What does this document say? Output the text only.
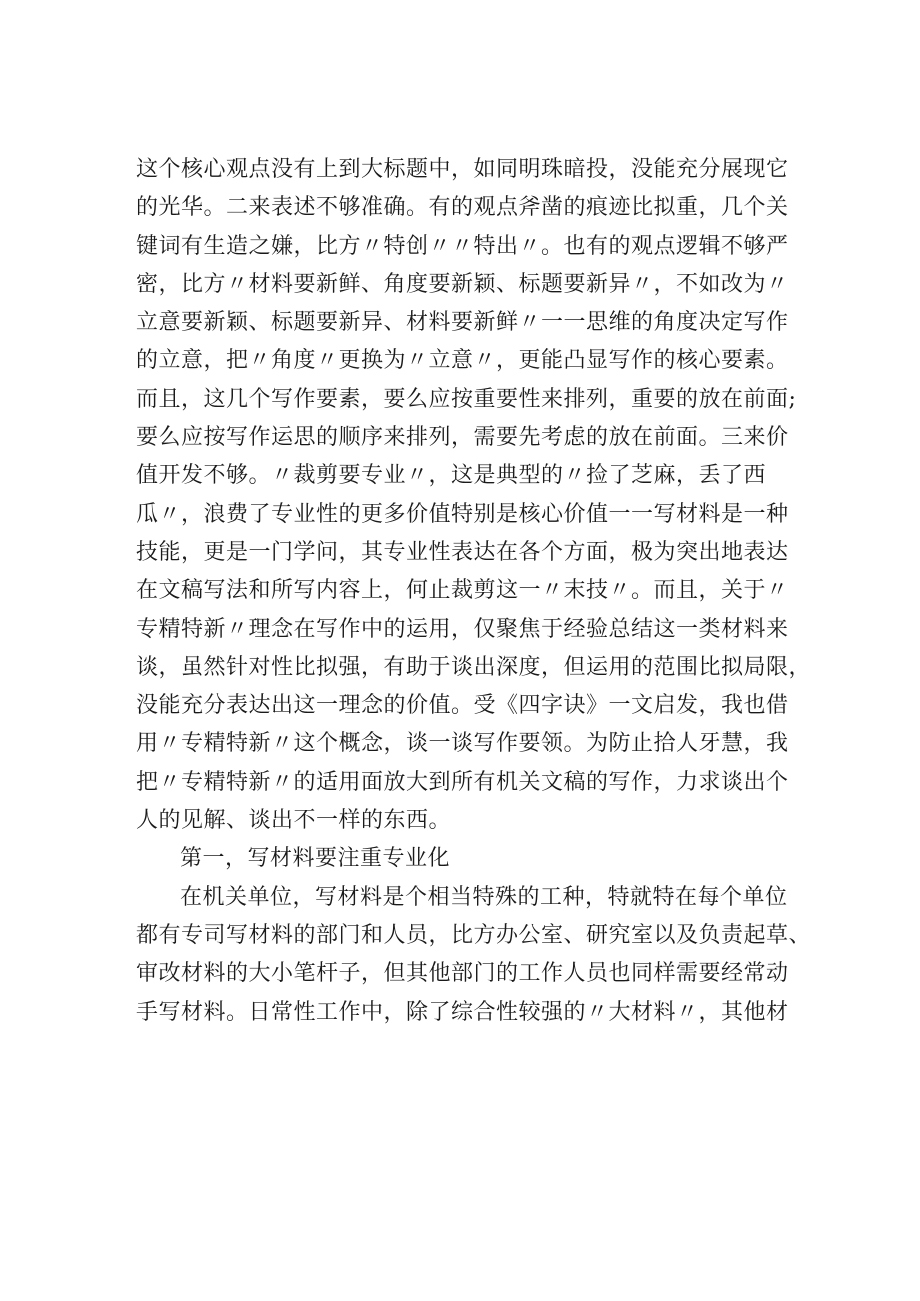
这个核心观点没有上到大标题中，如同明珠暗投，没能充分展现它
的光华。二来表述不够准确。有的观点斧凿的痕迹比拟重，几个关
键词有生造之嫌，比方〃特创〃〃特出〃。也有的观点逻辑不够严
密，比方〃材料要新鲜、角度要新颖、标题要新异〃，不如改为〃
立意要新颖、标题要新异、材料要新鲜〃一一思维的角度决定写作
的立意，把〃角度〃更换为〃立意〃，更能凸显写作的核心要素。
而且，这几个写作要素，要么应按重要性来排列，重要的放在前面;
要么应按写作运思的顺序来排列，需要先考虑的放在前面。三来价
值开发不够。〃裁剪要专业〃，这是典型的〃捡了芝麻，丢了西
瓜〃，浪费了专业性的更多价值特别是核心价值一一写材料是一种
技能，更是一门学问，其专业性表达在各个方面，极为突出地表达
在文稿写法和所写内容上，何止裁剪这一〃末技〃。而且，关于〃
专精特新〃理念在写作中的运用，仅聚焦于经验总结这一类材料来
谈，虽然针对性比拟强，有助于谈出深度，但运用的范围比拟局限，
没能充分表达出这一理念的价值。受《四字诀》一文启发，我也借
用〃专精特新〃这个概念，谈一谈写作要领。为防止拾人牙慧，我
把〃专精特新〃的适用面放大到所有机关文稿的写作，力求谈出个
人的见解、谈出不一样的东西。
第一，写材料要注重专业化
在机关单位，写材料是个相当特殊的工种，特就特在每个单位
都有专司写材料的部门和人员，比方办公室、研究室以及负责起草、
审改材料的大小笔杆子，但其他部门的工作人员也同样需要经常动
手写材料。日常性工作中，除了综合性较强的〃大材料〃，其他材
